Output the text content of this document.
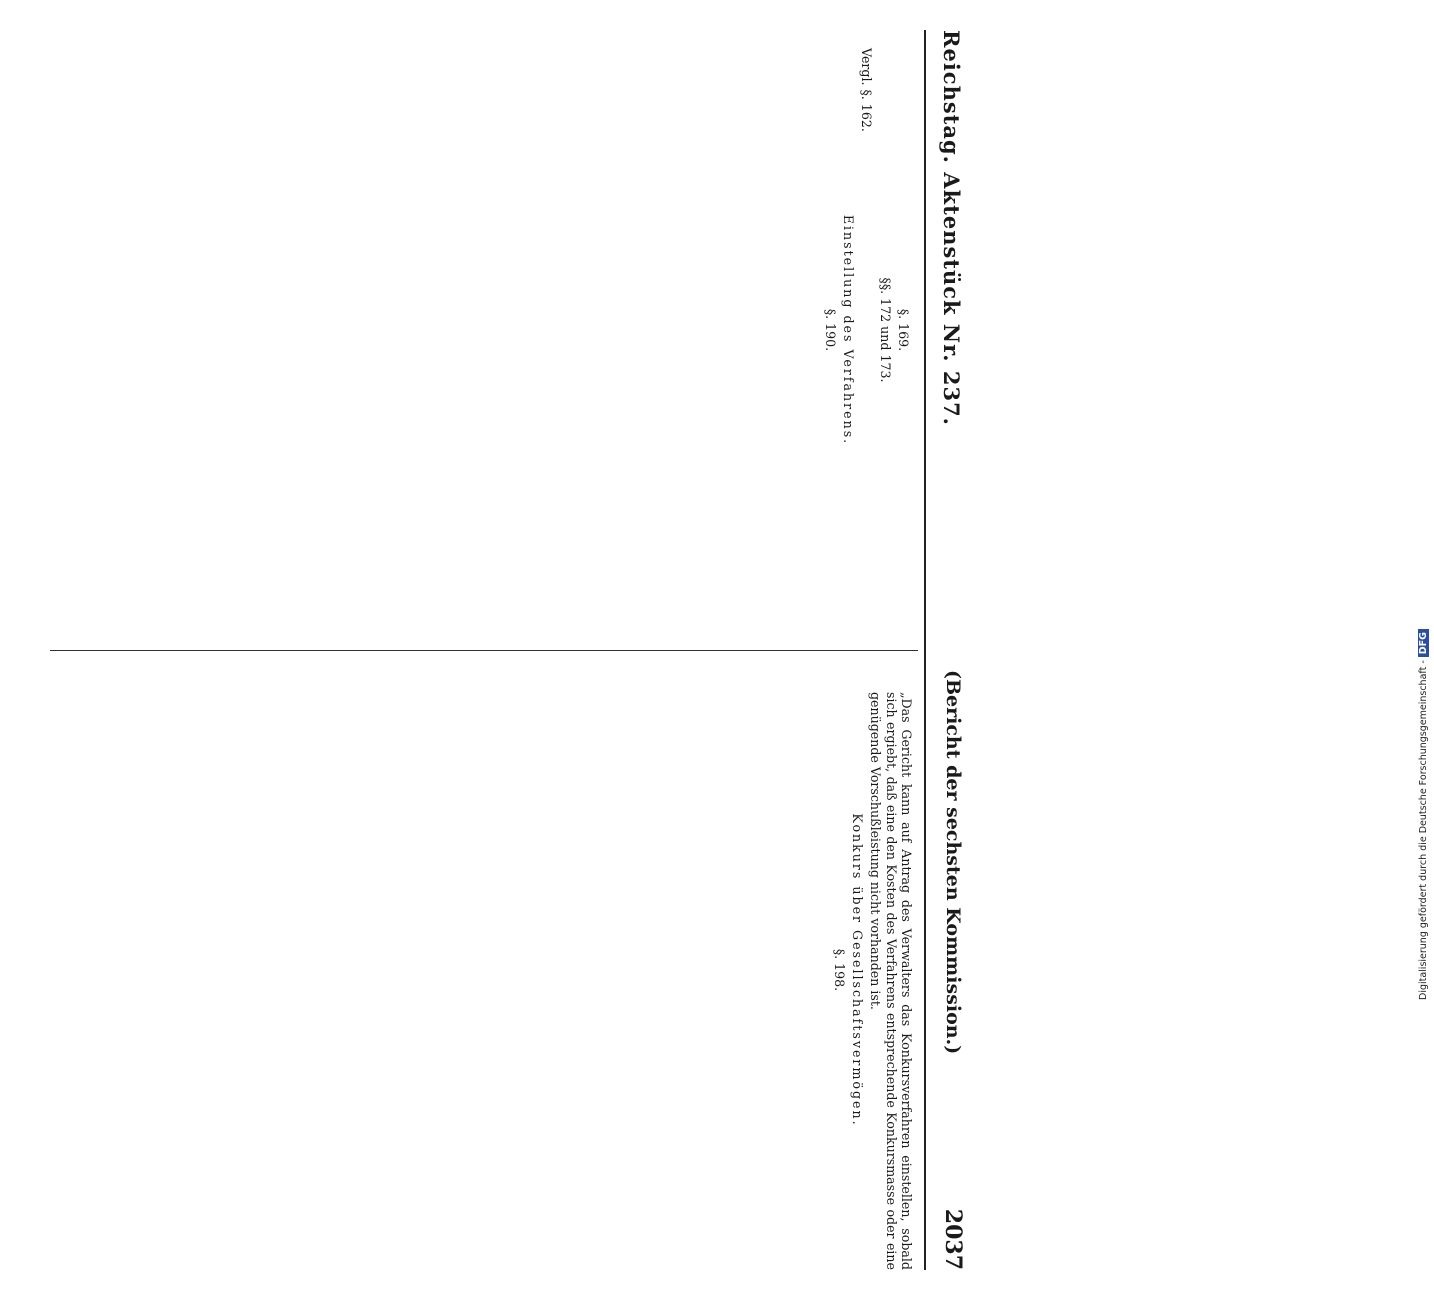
Reichstag. Aktenstück Nr. 237.
(Bericht der sechsten Kommission.)
2037

§. 169.

§§. 172 und 173.

Vergl. §. 162.

Einstellung des Verfahrens.

§. 190.

„Das Gericht kann auf Antrag des Verwalters das Konkursverfahren einstellen, sobald sich ergiebt, daß eine den Kosten des Verfahrens entsprechende Konkursmasse oder eine genügende Vorschußleistung nicht vorhanden ist.

Konkurs über Gesellschaftsvermögen.

§. 198.	Digitalisierung gefördert durch die Deutsche Forschungsgemeinschaft - DFG
